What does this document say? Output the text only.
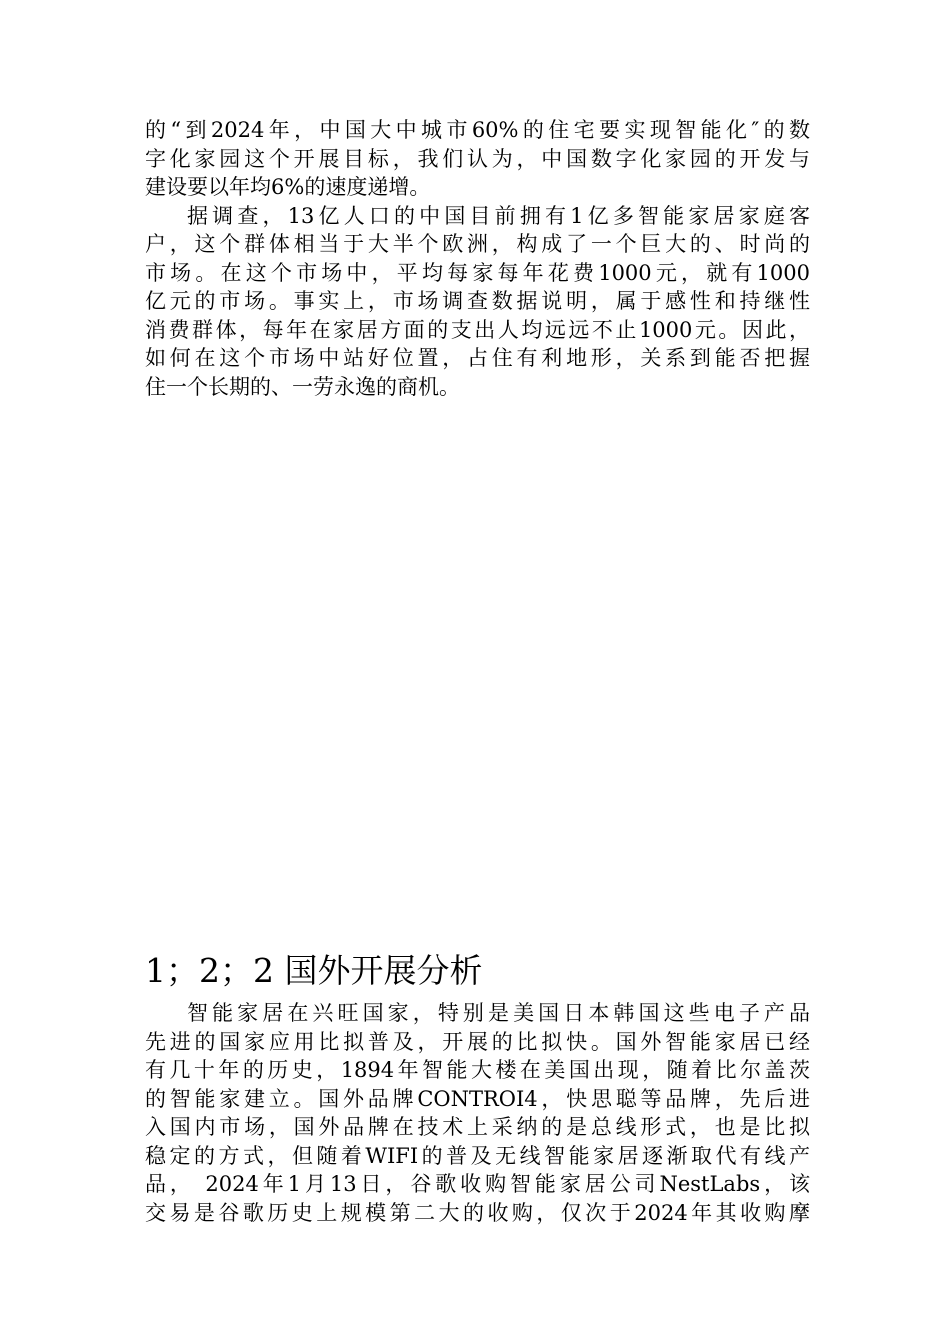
的“到2024年，中国大中城市60%的住宅要实现智能化″的数
字化家园这个开展目标，我们认为，中国数字化家园的开发与
建设要以年均6%的速度递增。

据调查，13亿人口的中国目前拥有1亿多智能家居家庭客
户，这个群体相当于大半个欧洲，构成了一个巨大的、时尚的
市场。在这个市场中，平均每家每年花费1000元，就有1000
亿元的市场。事实上，市场调查数据说明，属于感性和持继性
消费群体，每年在家居方面的支出人均远远不止1000元。因此，
如何在这个市场中站好位置，占住有利地形，关系到能否把握
住一个长期的、一劳永逸的商机。

1；2；2 国外开展分析

智能家居在兴旺国家，特别是美国日本韩国这些电子产品
先进的国家应用比拟普及，开展的比拟快。国外智能家居已经
有几十年的历史，1894年智能大楼在美国出现，随着比尔盖茨
的智能家建立。国外品牌CONTROI4，快思聪等品牌，先后进
入国内市场，国外品牌在技术上采纳的是总线形式，也是比拟
稳定的方式，但随着WIFI的普及无线智能家居逐渐取代有线产
品， 2024年1月13日，谷歌收购智能家居公司NestLabs，该
交易是谷歌历史上规模第二大的收购，仅次于2024年其收购摩
